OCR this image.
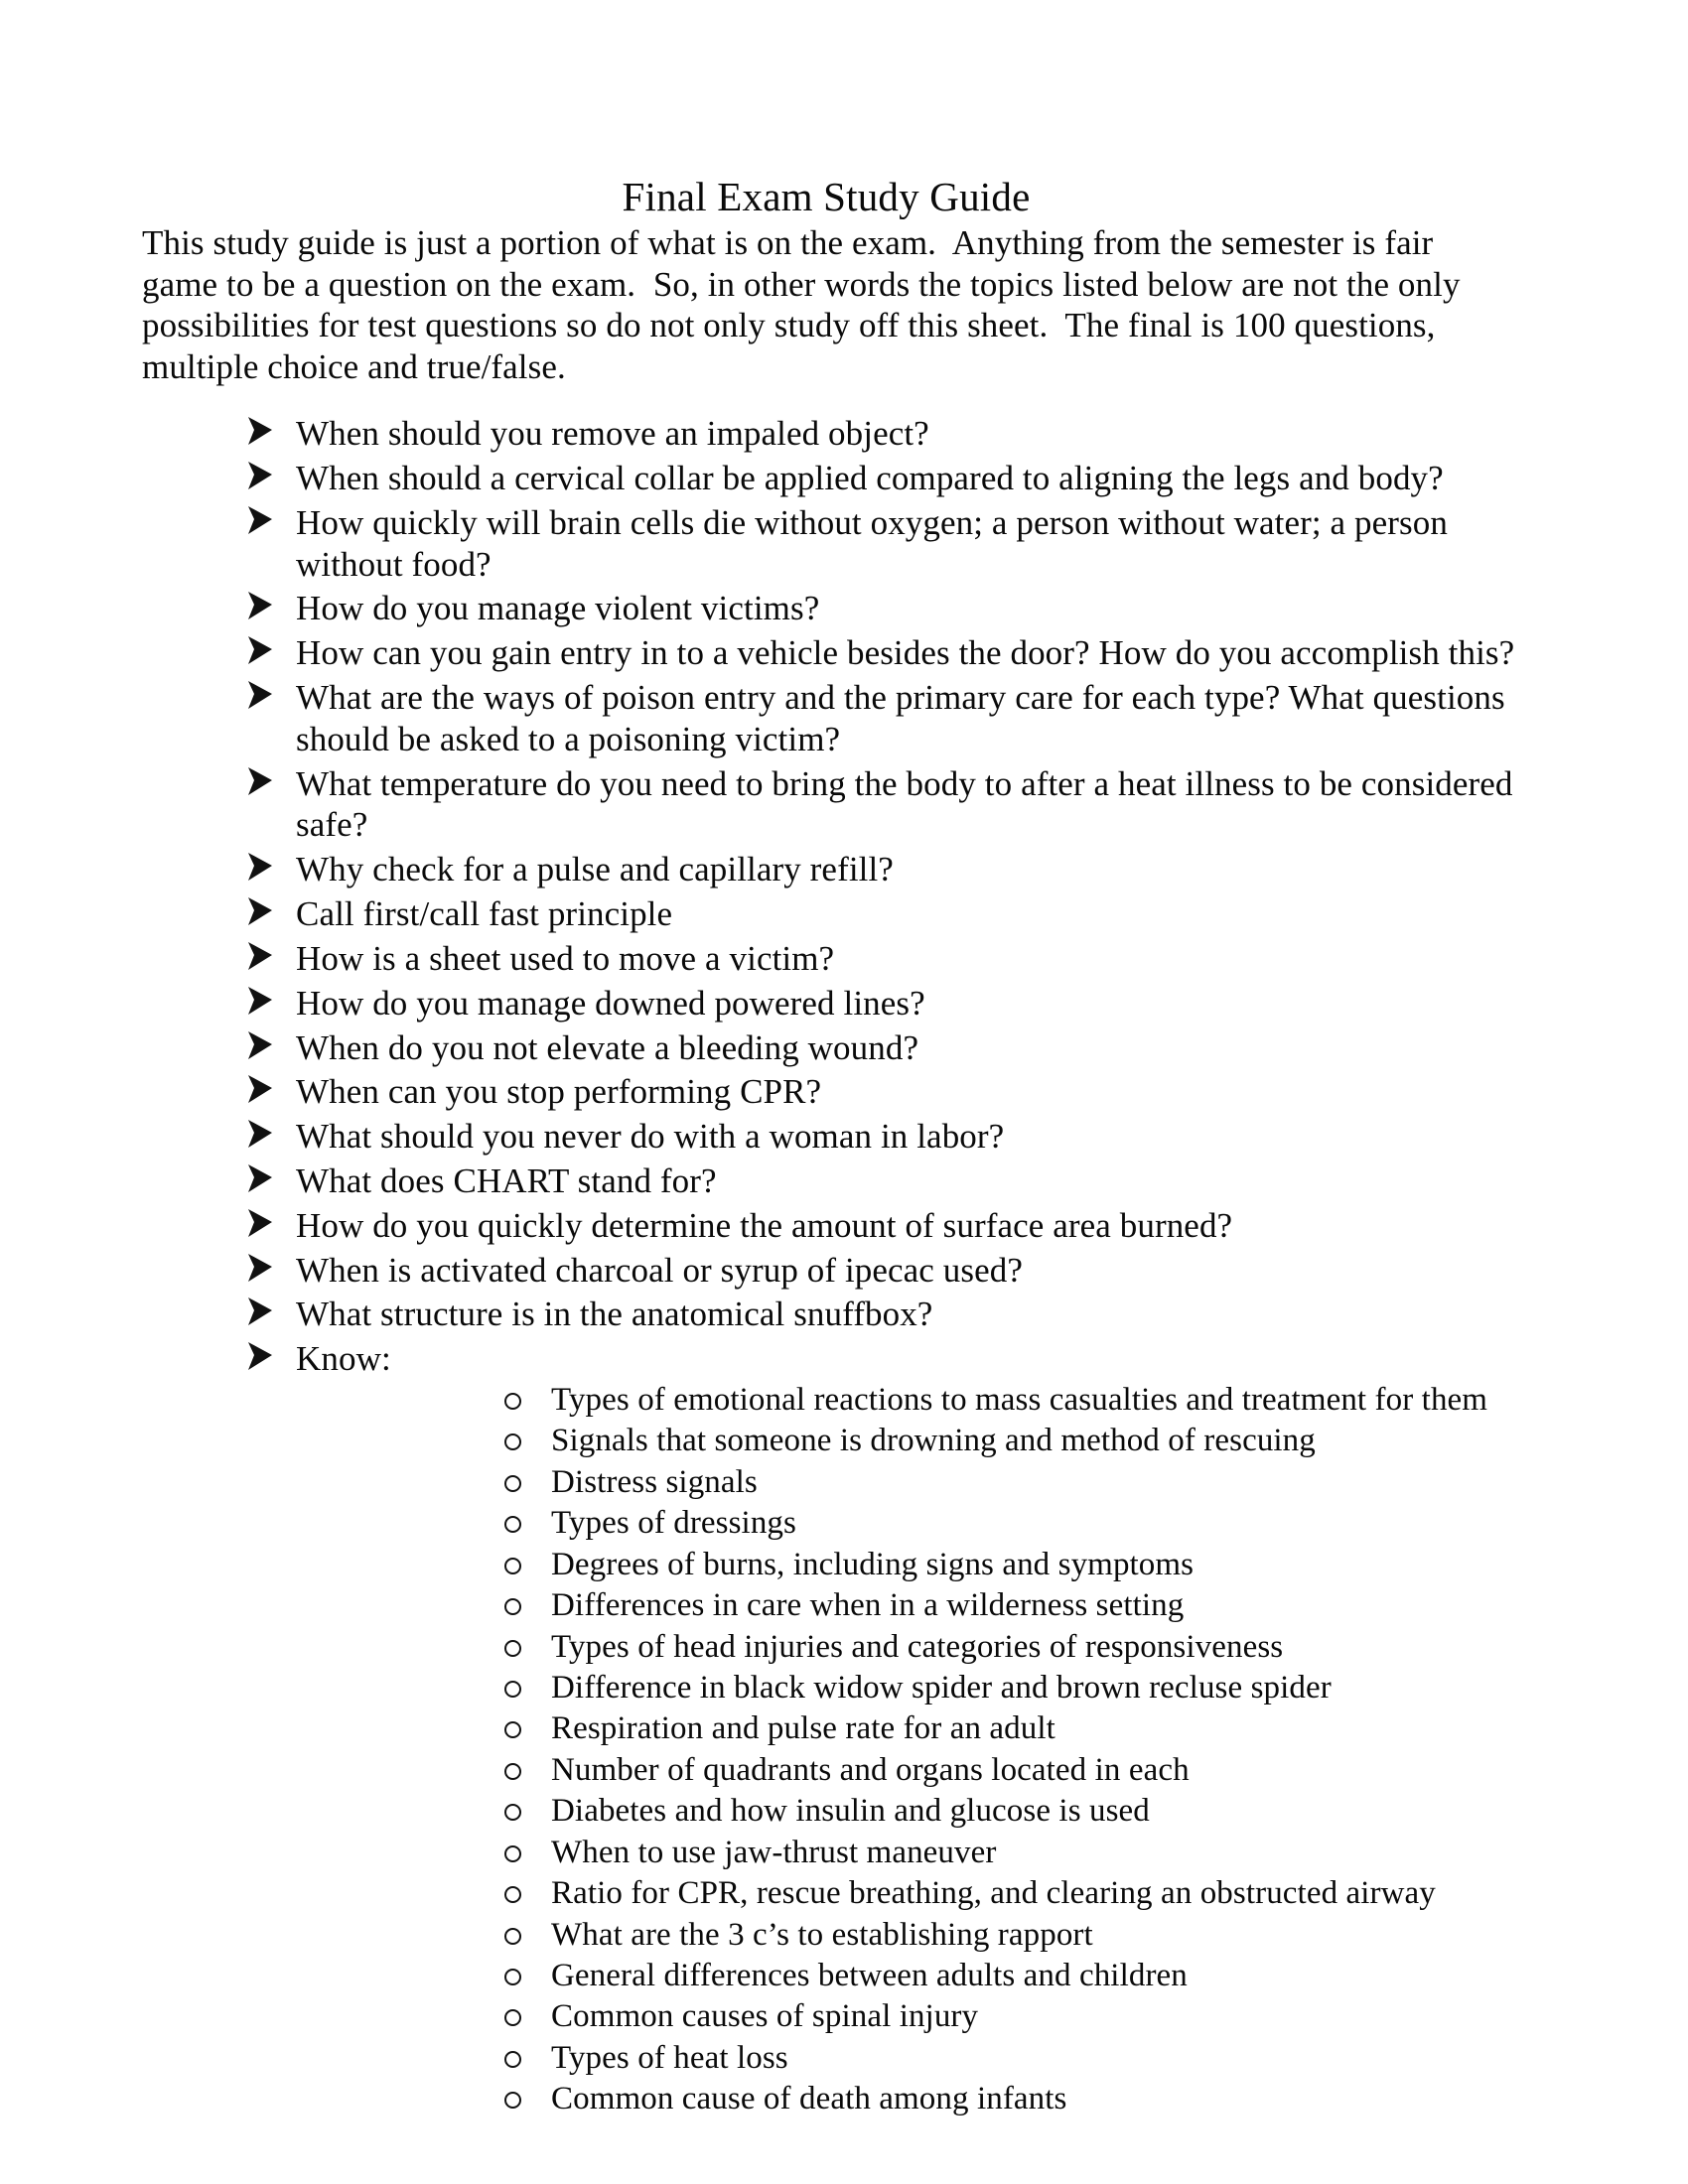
Final Exam Study Guide

This study guide is just a portion of what is on the exam.  Anything from the semester is fair
game to be a question on the exam.  So, in other words the topics listed below are not the only
possibilities for test questions so do not only study off this sheet.  The final is 100 questions,
multiple choice and true/false.

When should you remove an impaled object?
When should a cervical collar be applied compared to aligning the legs and body?
How quickly will brain cells die without oxygen; a person without water; a person
without food?
How do you manage violent victims?
How can you gain entry in to a vehicle besides the door? How do you accomplish this?
What are the ways of poison entry and the primary care for each type? What questions
should be asked to a poisoning victim?
What temperature do you need to bring the body to after a heat illness to be considered
safe?
Why check for a pulse and capillary refill?
Call first/call fast principle
How is a sheet used to move a victim?
How do you manage downed powered lines?
When do you not elevate a bleeding wound?
When can you stop performing CPR?
What should you never do with a woman in labor?
What does CHART stand for?
How do you quickly determine the amount of surface area burned?
When is activated charcoal or syrup of ipecac used?
What structure is in the anatomical snuffbox?
Know:
Types of emotional reactions to mass casualties and treatment for them
Signals that someone is drowning and method of rescuing
Distress signals
Types of dressings
Degrees of burns, including signs and symptoms
Differences in care when in a wilderness setting
Types of head injuries and categories of responsiveness
Difference in black widow spider and brown recluse spider
Respiration and pulse rate for an adult
Number of quadrants and organs located in each
Diabetes and how insulin and glucose is used
When to use jaw-thrust maneuver
Ratio for CPR, rescue breathing, and clearing an obstructed airway
What are the 3 c’s to establishing rapport
General differences between adults and children
Common causes of spinal injury
Types of heat loss
Common cause of death among infants
